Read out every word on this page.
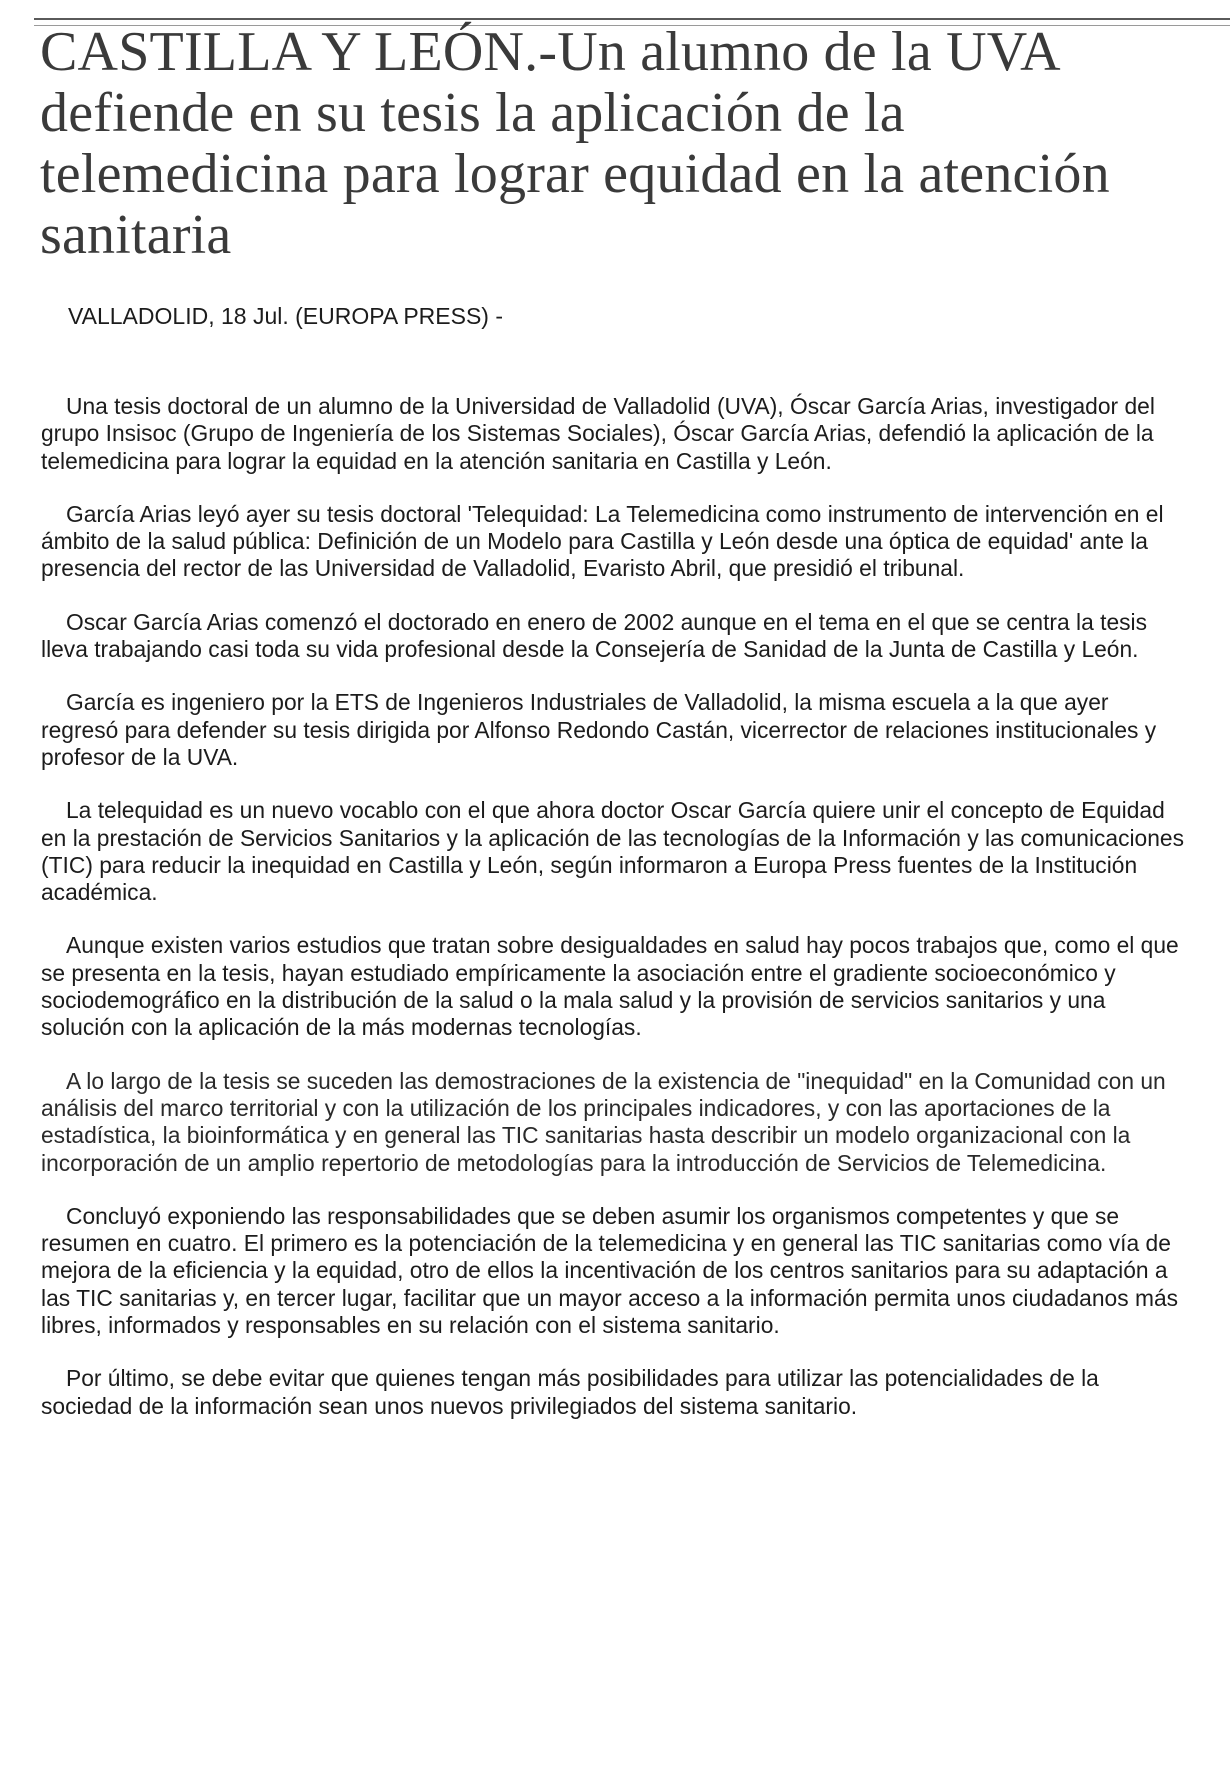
CASTILLA Y LEÓN.-Un alumno de la UVA defiende en su tesis la aplicación de la telemedicina para lograr equidad en la atención sanitaria

VALLADOLID, 18 Jul. (EUROPA PRESS) -

Una tesis doctoral de un alumno de la Universidad de Valladolid (UVA), Óscar García Arias, investigador del grupo Insisoc (Grupo de Ingeniería de los Sistemas Sociales), Óscar García Arias, defendió la aplicación de la telemedicina para lograr la equidad en la atención sanitaria en Castilla y León.

García Arias leyó ayer su tesis doctoral 'Telequidad: La Telemedicina como instrumento de intervención en el ámbito de la salud pública: Definición de un Modelo para Castilla y León desde una óptica de equidad' ante la presencia del rector de las Universidad de Valladolid, Evaristo Abril, que presidió el tribunal.

Oscar García Arias comenzó el doctorado en enero de 2002 aunque en el tema en el que se centra la tesis lleva trabajando casi toda su vida profesional desde la Consejería de Sanidad de la Junta de Castilla y León.

García es ingeniero por la ETS de Ingenieros Industriales de Valladolid, la misma escuela a la que ayer regresó para defender su tesis dirigida por Alfonso Redondo Castán, vicerrector de relaciones institucionales y profesor de la UVA.

La telequidad es un nuevo vocablo con el que ahora doctor Oscar García quiere unir el concepto de Equidad en la prestación de Servicios Sanitarios y la aplicación de las tecnologías de la Información y las comunicaciones (TIC) para reducir la inequidad en Castilla y León, según informaron a Europa Press fuentes de la Institución académica.

Aunque existen varios estudios que tratan sobre desigualdades en salud hay pocos trabajos que, como el que se presenta en la tesis, hayan estudiado empíricamente la asociación entre el gradiente socioeconómico y sociodemográfico en la distribución de la salud o la mala salud y la provisión de servicios sanitarios y una solución con la aplicación de la más modernas tecnologías.

A lo largo de la tesis se suceden las demostraciones de la existencia de "inequidad" en la Comunidad con un análisis del marco territorial y con la utilización de los principales indicadores, y con las aportaciones de la estadística, la bioinformática y en general las TIC sanitarias hasta describir un modelo organizacional con la incorporación de un amplio repertorio de metodologías para la introducción de Servicios de Telemedicina.

Concluyó exponiendo las responsabilidades que se deben asumir los organismos competentes y que se resumen en cuatro. El primero es la potenciación de la telemedicina y en general las TIC sanitarias como vía de mejora de la eficiencia y la equidad, otro de ellos la incentivación de los centros sanitarios para su adaptación a las TIC sanitarias y, en tercer lugar, facilitar que un mayor acceso a la información permita unos ciudadanos más libres, informados y responsables en su relación con el sistema sanitario.

Por último, se debe evitar que quienes tengan más posibilidades para utilizar las potencialidades de la sociedad de la información sean unos nuevos privilegiados del sistema sanitario.
